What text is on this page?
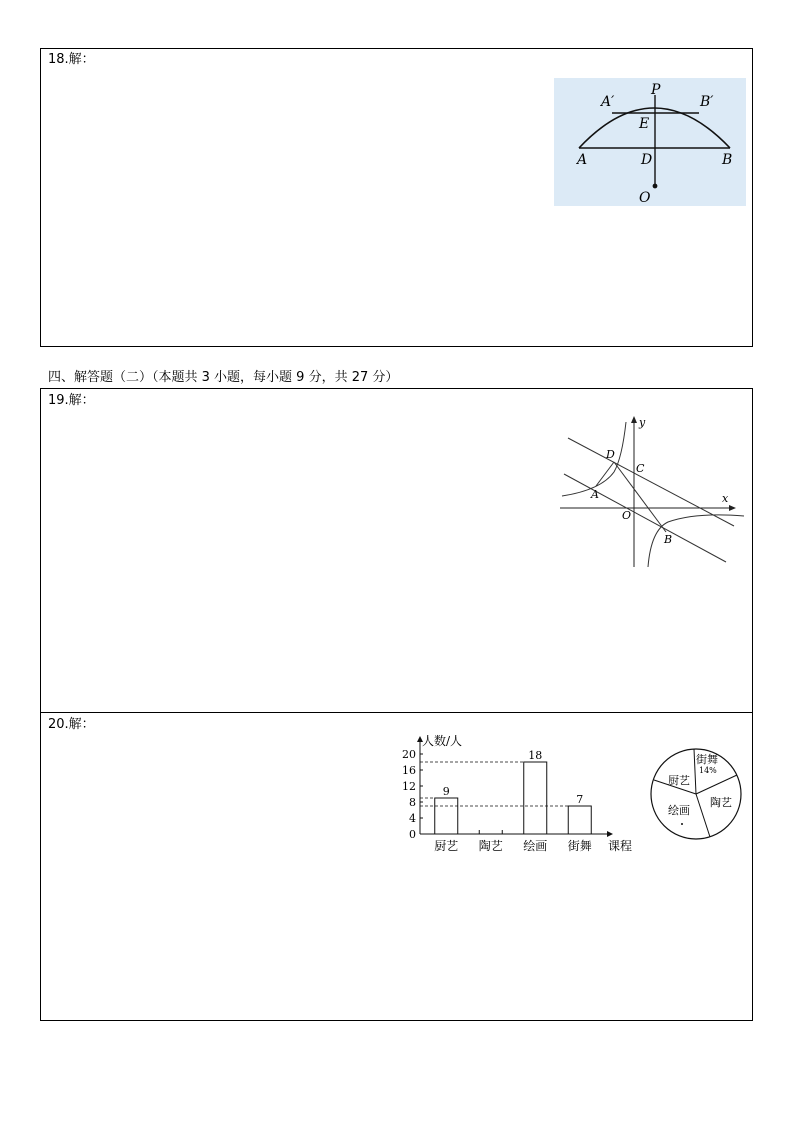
18.解：
P
A′	B′
E
A	D	B
O
四、解答题（二）（本题共 3 小题，每小题 9 分，共 27 分）
19.解：
x
y
D
C
A
O
B
20.解：
人数/人
课程
0
4
8
12
16
20
9
厨艺 陶艺
18
绘画
7
街舞
街舞
14%
厨艺
陶艺
绘画
